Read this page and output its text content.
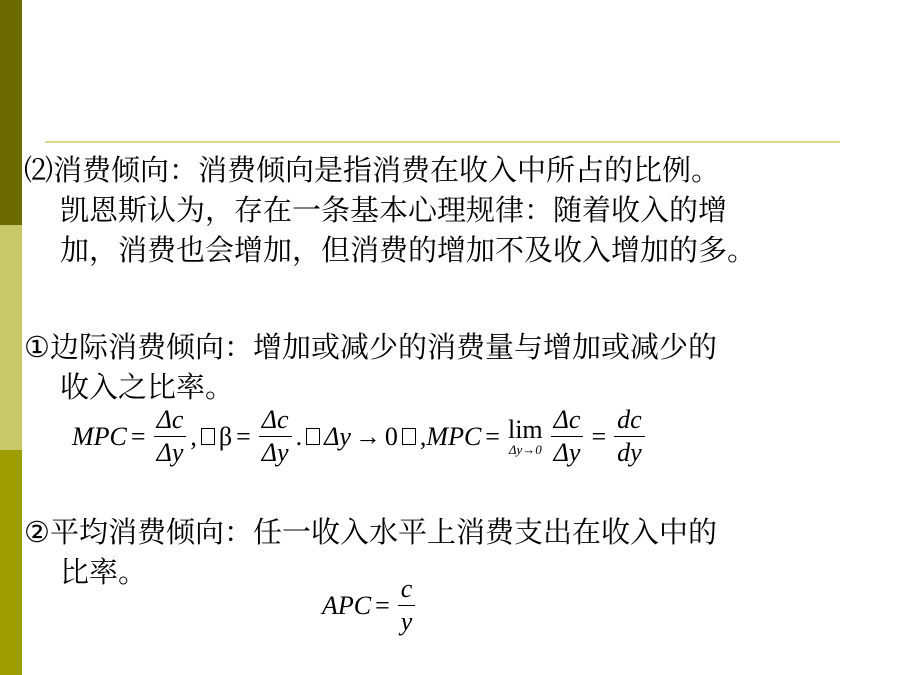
⑵消费倾向：消费倾向是指消费在收入中所占的比例。
凯恩斯认为，存在一条基本心理规律：随着收入的增
加，消费也会增加，但消费的增加不及收入增加的多。
①边际消费倾向：增加或减少的消费量与增加或减少的
收入之比率。
MPC = $\frac{\Delta c}{\Delta y}$ , $\beta = \frac{\Delta c}{\Delta y}$ . Δy → 0 , MPC = lim
$\Delta y\to 0 \frac{\Delta c}{\Delta y} = \frac{dc}{dy}$
②平均消费倾向：任一收入水平上消费支出在收入中的
比率。
APC = $\frac{c}{y}$
